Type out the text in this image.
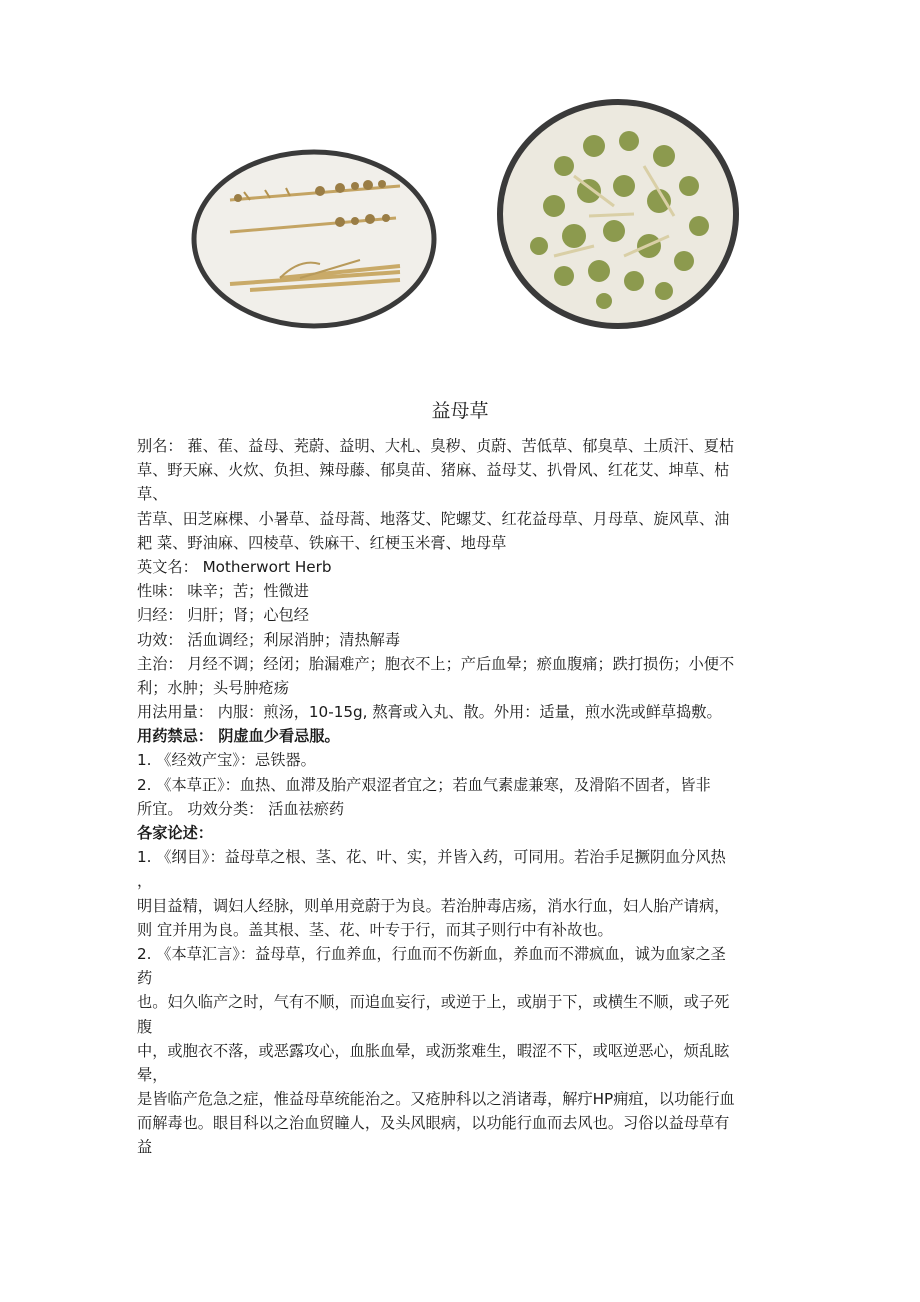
益母草
别名： 蓷、萑、益母、茺蔚、益明、大札、臭秽、贞蔚、苦低草、郁臭草、土质汗、夏枯
草、野天麻、火炊、负担、辣母藤、郁臭苗、猪麻、益母艾、扒骨风、红花艾、坤草、枯
草、
苦草、田芝麻棵、小暑草、益母蒿、地落艾、陀螺艾、红花益母草、月母草、旋风草、油
耙 菜、野油麻、四棱草、铁麻干、红梗玉米膏、地母草
英文名： Motherwort Herb
性味： 味辛；苦；性微进
归经： 归肝；肾；心包经
功效： 活血调经；利尿消肿；清热解毒
主治： 月经不调；经闭；胎漏难产；胞衣不上；产后血晕；瘀血腹痛；跌打损伤；小便不
利；水肿；头号肿疮疡
用法用量： 内服：煎汤，10-15g, 熬膏或入丸、散。外用：适量，煎水洗或鲜草捣敷。
用药禁忌： 阴虚血少看忌服。
1. 《经效产宝》：忌铁器。
2. 《本草正》：血热、血滞及胎产艰涩者宜之；若血气素虚兼寒，及滑陷不固者，皆非
所宜。 功效分类： 活血祛瘀药
各家论述：
1. 《纲目》：益母草之根、茎、花、叶、实，并皆入药，可同用。若治手足撅阴血分风热
，
明目益精，调妇人经脉，则单用竞蔚于为良。若治肿毒店疡，消水行血，妇人胎产请病，
则 宜并用为良。盖其根、茎、花、叶专于行，而其子则行中有补故也。
2. 《本草汇言》：益母草，行血养血，行血而不伤新血，养血而不滞疯血，诚为血家之圣
药
也。妇久临产之时，气有不顺，而追血妄行，或逆于上，或崩于下，或横生不顺，或子死
腹
中，或胞衣不落，或恶露攻心，血胀血晕，或沥浆难生，暇涩不下，或呕逆恶心，烦乱眩
晕，
是皆临产危急之症，惟益母草统能治之。又疮肿科以之消诸毒，解疔HP痈疽，以功能行血
而解毒也。眼目科以之治血贸瞳人，及头风眼病，以功能行血而去风也。习俗以益母草有
益
